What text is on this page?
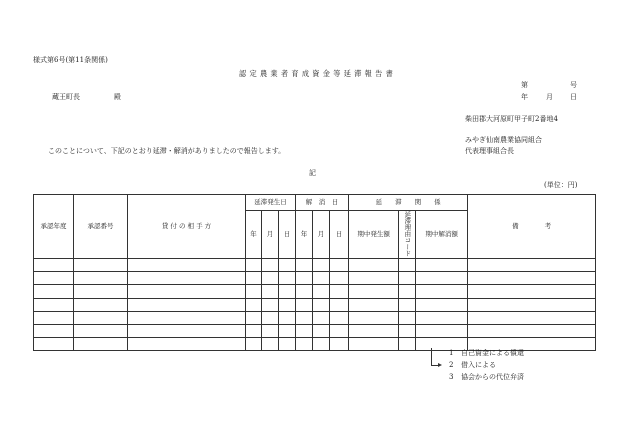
様式第6号(第11条関係)
認 定 農 業 者 育 成 資 金 等 延 滞 報 告 書
第	号
蔵王町長	殿	年	月 日
柴田郡大河原町甲子町2番地4
みやぎ仙南農業協同組合
代表理事組合長
このことについて、下記のとおり延滞・解消がありましたので報告します。
記
(単位：円)
承認年度	承認番号	貸 付 の 相 手 方	延滞発生日			解　消　日			延　　滞　　関　　係			備　　　　考
			年	月	日	年	月	日	期中発生額	延滞理由コード	期中解消額	

1 自己資金による償還
2 借入による
3 協会からの代位弁済
